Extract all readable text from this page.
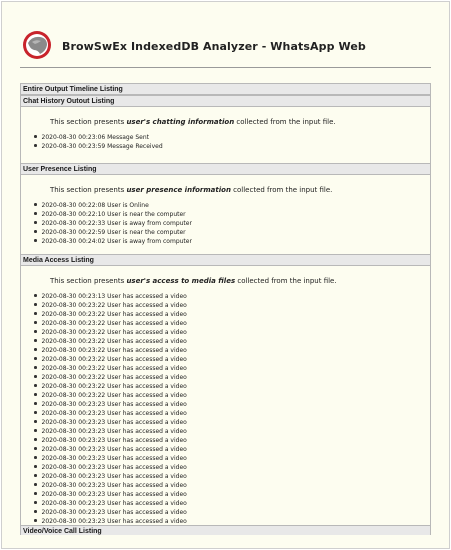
BrowSwEx IndexedDB Analyzer - WhatsApp Web
Entire Output Timeline Listing
Chat History Outout Listing
This section presents user's chatting information collected from the input file.
2020-08-30 00:23:06 Message Sent
2020-08-30 00:23:59 Message Received
User Presence Listing
This section presents user presence information collected from the input file.
2020-08-30 00:22:08 User is Online
2020-08-30 00:22:10 User is near the computer
2020-08-30 00:22:33 User is away from computer
2020-08-30 00:22:59 User is near the computer
2020-08-30 00:24:02 User is away from computer
Media Access Listing
This section presents user's access to media files collected from the input file.
2020-08-30 00:23:13 User has accessed a video
2020-08-30 00:23:22 User has accessed a video
2020-08-30 00:23:22 User has accessed a video
2020-08-30 00:23:22 User has accessed a video
2020-08-30 00:23:22 User has accessed a video
2020-08-30 00:23:22 User has accessed a video
2020-08-30 00:23:22 User has accessed a video
2020-08-30 00:23:22 User has accessed a video
2020-08-30 00:23:22 User has accessed a video
2020-08-30 00:23:22 User has accessed a video
2020-08-30 00:23:22 User has accessed a video
2020-08-30 00:23:22 User has accessed a video
2020-08-30 00:23:23 User has accessed a video
2020-08-30 00:23:23 User has accessed a video
2020-08-30 00:23:23 User has accessed a video
2020-08-30 00:23:23 User has accessed a video
2020-08-30 00:23:23 User has accessed a video
2020-08-30 00:23:23 User has accessed a video
2020-08-30 00:23:23 User has accessed a video
2020-08-30 00:23:23 User has accessed a video
2020-08-30 00:23:23 User has accessed a video
2020-08-30 00:23:23 User has accessed a video
2020-08-30 00:23:23 User has accessed a video
2020-08-30 00:23:23 User has accessed a video
2020-08-30 00:23:23 User has accessed a video
2020-08-30 00:23:23 User has accessed a video
Video/Voice Call Listing
